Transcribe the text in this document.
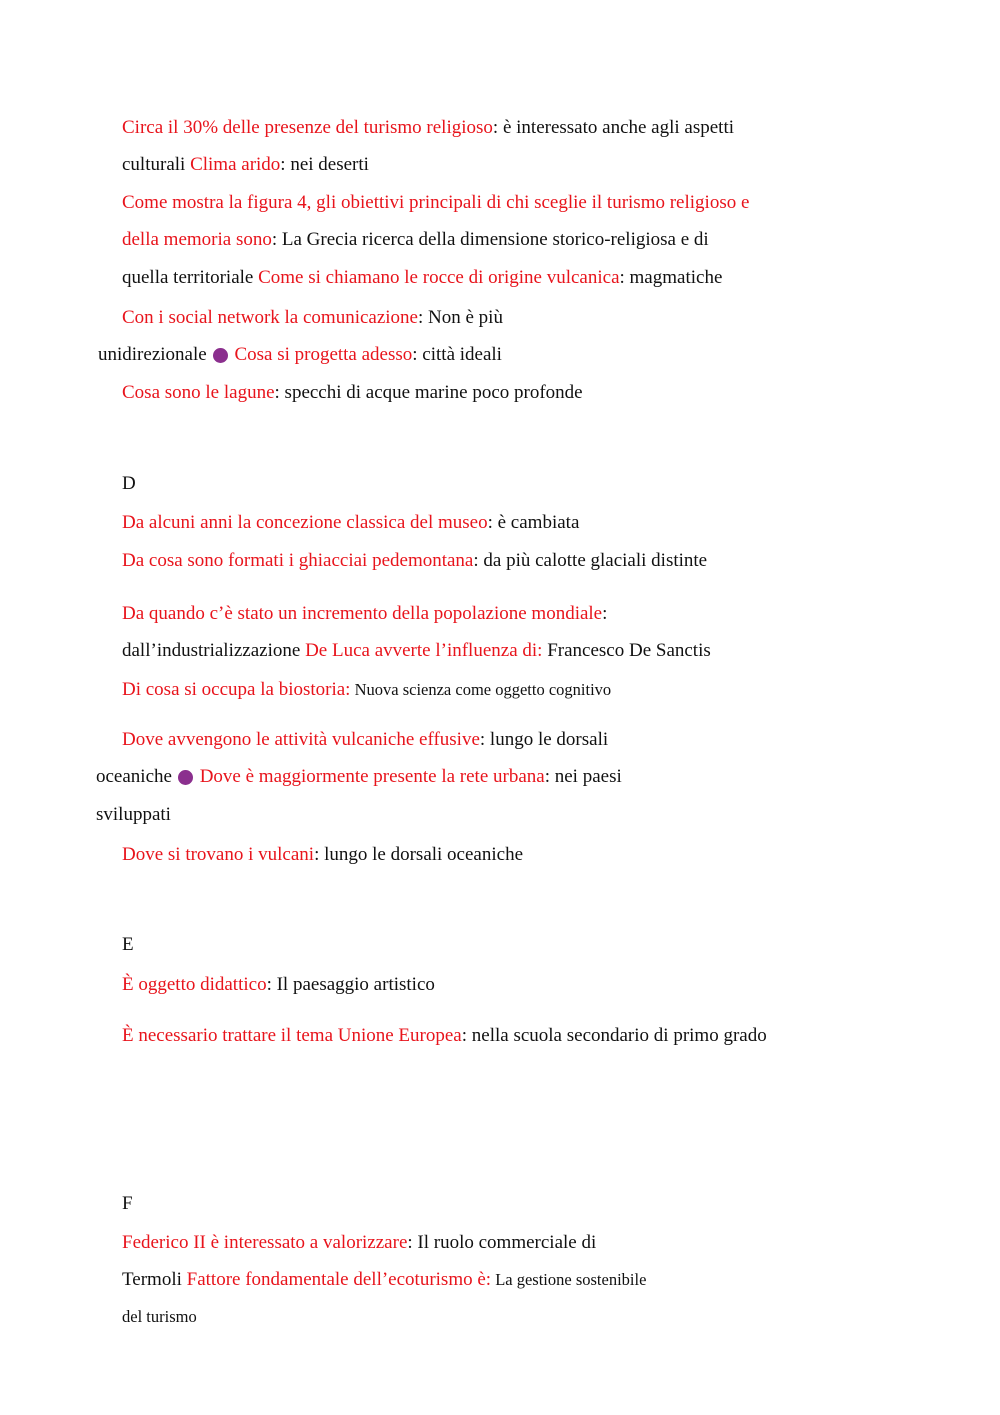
Circa il 30% delle presenze del turismo religioso: è interessato anche agli aspetti
culturali Clima arido: nei deserti
Come mostra la figura 4, gli obiettivi principali di chi sceglie il turismo religioso e
della memoria sono: La Grecia ricerca della dimensione storico-religiosa e di
quella territoriale Come si chiamano le rocce di origine vulcanica: magmatiche
Con i social network la comunicazione: Non è più
unidirezionale Cosa si progetta adesso: città ideali
Cosa sono le lagune: specchi di acque marine poco profonde
D
Da alcuni anni la concezione classica del museo: è cambiata
Da cosa sono formati i ghiacciai pedemontana: da più calotte glaciali distinte
Da quando c’è stato un incremento della popolazione mondiale:
dall’industrializzazione De Luca avverte l’influenza di: Francesco De Sanctis
Di cosa si occupa la biostoria: Nuova scienza come oggetto cognitivo
Dove avvengono le attività vulcaniche effusive: lungo le dorsali
oceaniche Dove è maggiormente presente la rete urbana: nei paesi
sviluppati
Dove si trovano i vulcani: lungo le dorsali oceaniche
E
È oggetto didattico: Il paesaggio artistico
È necessario trattare il tema Unione Europea: nella scuola secondario di primo grado
F
Federico II è interessato a valorizzare: Il ruolo commerciale di
Termoli Fattore fondamentale dell’ecoturismo è: La gestione sostenibile
del turismo
